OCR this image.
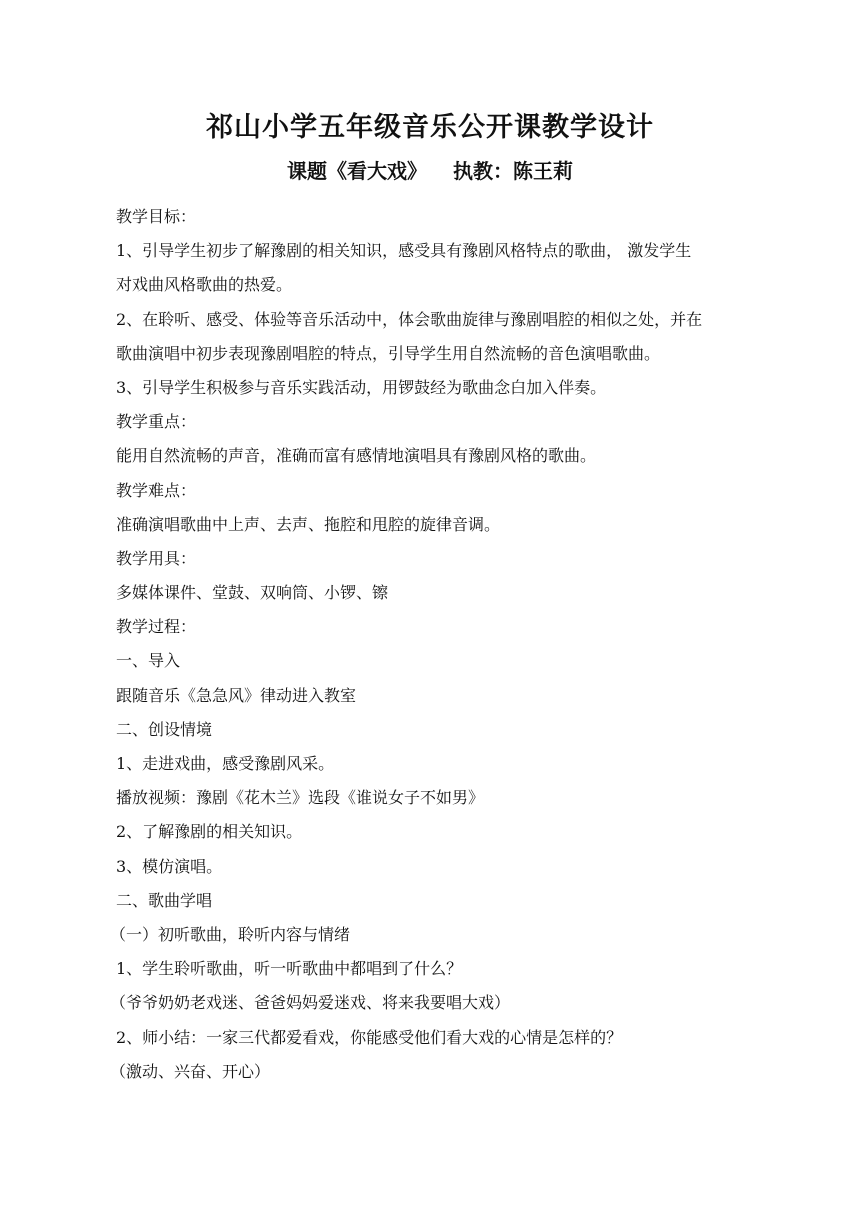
祁山小学五年级音乐公开课教学设计
课题《看大戏》 执教：陈王莉
教学目标：
1、引导学生初步了解豫剧的相关知识，感受具有豫剧风格特点的歌曲， 激发学生
对戏曲风格歌曲的热爱。
2、在聆听、感受、体验等音乐活动中，体会歌曲旋律与豫剧唱腔的相似之处，并在
歌曲演唱中初步表现豫剧唱腔的特点，引导学生用自然流畅的音色演唱歌曲。
3、引导学生积极参与音乐实践活动，用锣鼓经为歌曲念白加入伴奏。
教学重点：
能用自然流畅的声音，准确而富有感情地演唱具有豫剧风格的歌曲。
教学难点：
准确演唱歌曲中上声、去声、拖腔和甩腔的旋律音调。
教学用具：
多媒体课件、堂鼓、双响筒、小锣、镲
教学过程：
一、导入
跟随音乐《急急风》律动进入教室
二、创设情境
1、走进戏曲，感受豫剧风采。
播放视频：豫剧《花木兰》选段《谁说女子不如男》
2、了解豫剧的相关知识。
3、模仿演唱。
二、歌曲学唱
（一）初听歌曲，聆听内容与情绪
1、学生聆听歌曲，听一听歌曲中都唱到了什么？
（爷爷奶奶老戏迷、爸爸妈妈爱迷戏、将来我要唱大戏）
2、师小结：一家三代都爱看戏，你能感受他们看大戏的心情是怎样的？
（激动、兴奋、开心）
